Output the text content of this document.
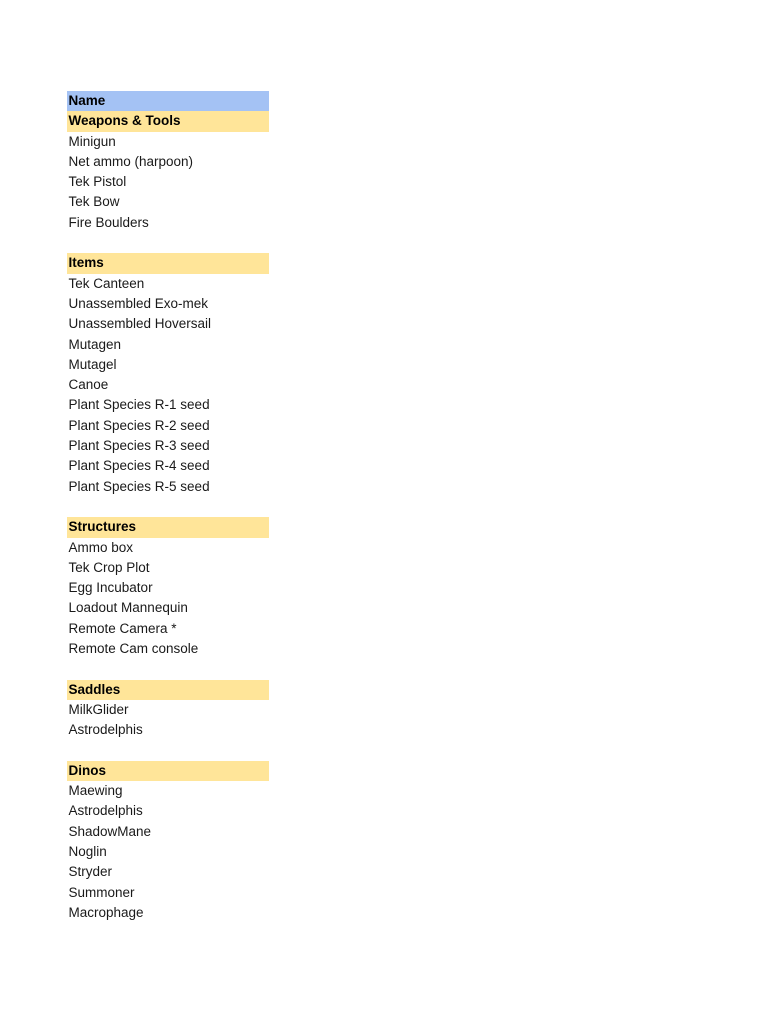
Name
Weapons & Tools
Minigun
Net ammo (harpoon)
Tek Pistol
Tek Bow
Fire Boulders
Items
Tek Canteen
Unassembled Exo-mek
Unassembled Hoversail
Mutagen
Mutagel
Canoe
Plant Species R-1 seed
Plant Species R-2 seed
Plant Species R-3 seed
Plant Species R-4 seed
Plant Species R-5 seed
Structures
Ammo box
Tek Crop Plot
Egg Incubator
Loadout Mannequin
Remote Camera *
Remote Cam console
Saddles
MilkGlider
Astrodelphis
Dinos
Maewing
Astrodelphis
ShadowMane
Noglin
Stryder
Summoner
Macrophage
